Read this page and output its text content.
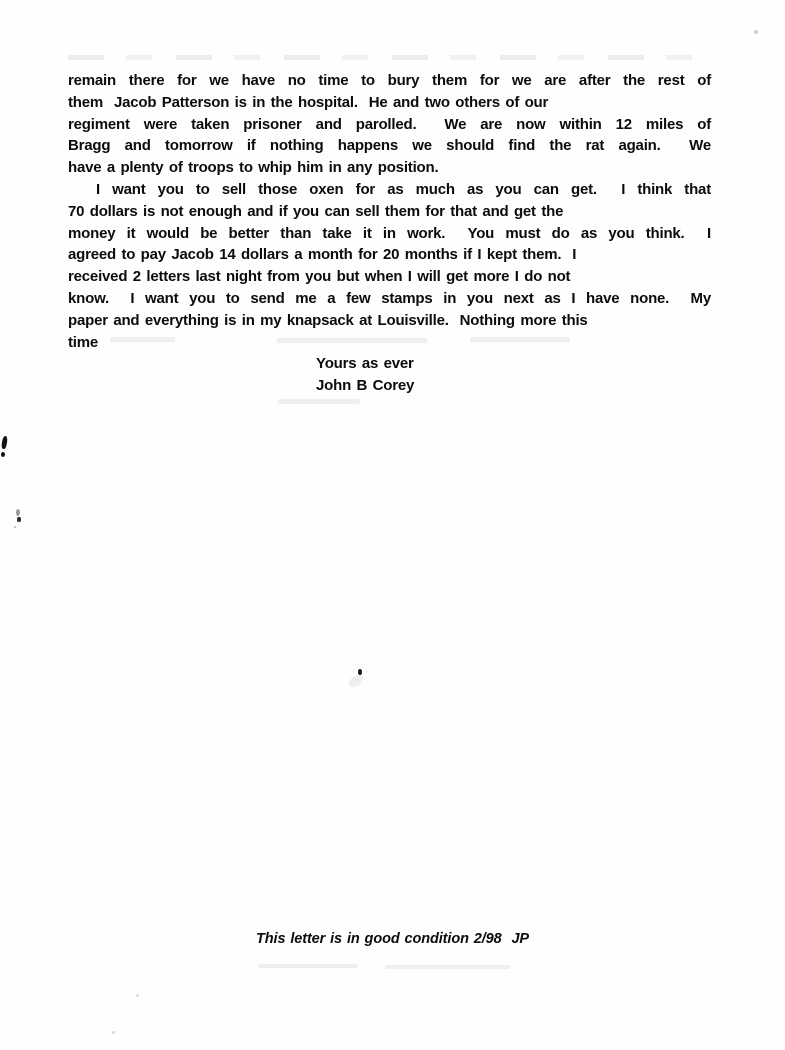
remain there for we have no time to bury them for we are after the rest of
them  Jacob Patterson is in the hospital.  He and two others of our
regiment were taken prisoner and parolled.  We are now within 12 miles of
Bragg and tomorrow if nothing happens we should find the rat again.  We
have a plenty of troops to whip him in any position.
I want you to sell those oxen for as much as you can get.  I think that
70 dollars is not enough and if you can sell them for that and get the
money it would be better than take it in work.  You must do as you think.  I
agreed to pay Jacob 14 dollars a month for 20 months if I kept them.  I
received 2 letters last night from you but when I will get more I do not
know.  I want you to send me a few stamps in you next as I have none.  My
paper and everything is in my knapsack at Louisville.  Nothing more this
time
Yours as ever
John B Corey
This letter is in good condition 2/98  JP
